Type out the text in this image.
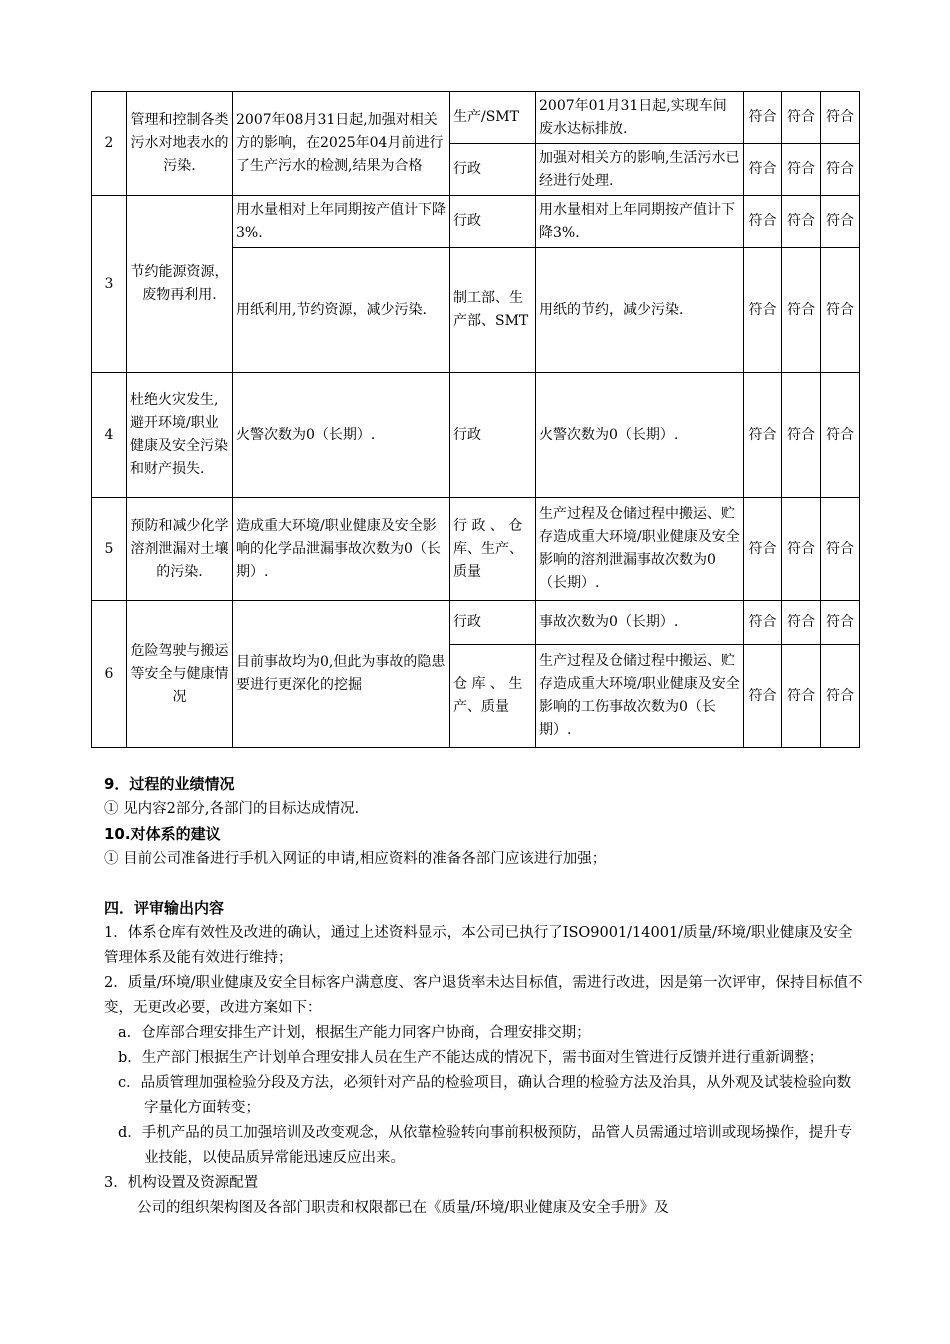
2	管理和控制各类污水对地表水的污染.	2007年08月31日起,加强对相关方的影响，在2025年04月前进行了生产污水的检测,结果为合格	生产/SMT	2007年01月31日起,实现车间废水达标排放.	符合	符合	符合
			行政	加强对相关方的影响,生活污水已经进行处理.	符合	符合	符合
3	节约能源资源，废物再利用.	用水量相对上年同期按产值计下降3%.	行政	用水量相对上年同期按产值计下降3%.	符合	符合	符合
		用纸利用,节约资源，减少污染.	制工部、生产部、SMT	用纸的节约，减少污染.	符合	符合	符合
4	杜绝火灾发生,避开环境/职业健康及安全污染和财产损失.	火警次数为0（长期）.	行政	火警次数为0（长期）.	符合	符合	符合
5	预防和减少化学溶剂泄漏对土壤的污染.	造成重大环境/职业健康及安全影响的化学品泄漏事故次数为0（长期）.	行 政 、 仓库、生产、质量	生产过程及仓储过程中搬运、贮存造成重大环境/职业健康及安全影响的溶剂泄漏事故次数为0（长期）.	符合	符合	符合
6	危险驾驶与搬运等安全与健康情况	目前事故均为0,但此为事故的隐患要进行更深化的挖掘	行政	事故次数为0（长期）.	符合	符合	符合
			仓 库 、 生产、质量	生产过程及仓储过程中搬运、贮存造成重大环境/职业健康及安全影响的工伤事故次数为0（长期）.	符合	符合	符合
9．过程的业绩情况
① 见内容2部分,各部门的目标达成情况.
10.对体系的建议
① 目前公司准备进行手机入网证的申请,相应资料的准备各部门应该进行加强；
四．评审输出内容
1．体系仓库有效性及改进的确认，通过上述资料显示，本公司已执行了ISO9001/14001/质量/环境/职业健康及安全管理体系及能有效进行维持；
2．质量/环境/职业健康及安全目标客户满意度、客户退货率未达目标值，需进行改进，因是第一次评审，保持目标值不变，无更改必要，改进方案如下：
a．仓库部合理安排生产计划，根据生产能力同客户协商，合理安排交期；
b．生产部门根据生产计划单合理安排人员在生产不能达成的情况下，需书面对生管进行反馈并进行重新调整；
c．品质管理加强检验分段及方法，必须针对产品的检验项目，确认合理的检验方法及治具，从外观及试装检验向数字量化方面转变；
d．手机产品的员工加强培训及改变观念，从依靠检验转向事前积极预防，品管人员需通过培训或现场操作，提升专业技能，以使品质异常能迅速反应出来。
3．机构设置及资源配置
公司的组织架构图及各部门职责和权限都已在《质量/环境/职业健康及安全手册》及
